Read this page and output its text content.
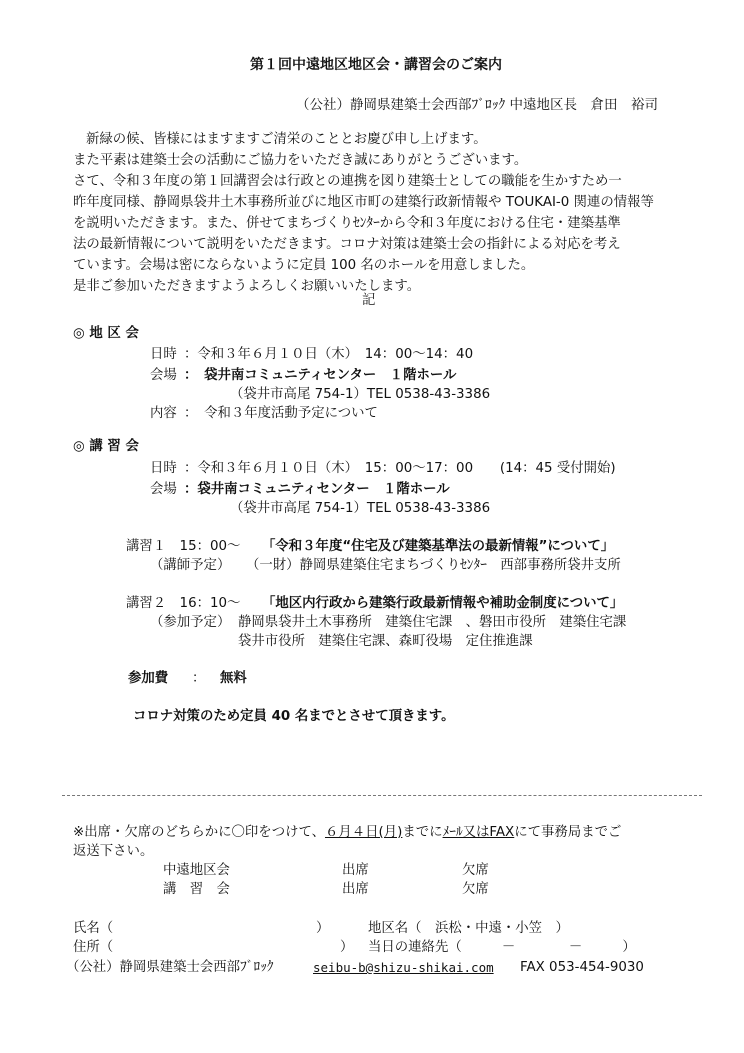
第１回中遠地区地区会・講習会のご案内
（公社）静岡県建築士会西部ﾌﾞﾛｯｸ 中遠地区長　倉田　裕司
新緑の候、皆様にはますますご清栄のこととお慶び申し上げます。
また平素は建築士会の活動にご協力をいただき誠にありがとうございます。
さて、令和３年度の第１回講習会は行政との連携を図り建築士としての職能を生かすため一
昨年度同様、静岡県袋井土木事務所並びに地区市町の建築行政新情報や TOUKAI-0 関連の情報等
を説明いただきます。また、併せてまちづくりｾﾝﾀｰから令和３年度における住宅・建築基準
法の最新情報について説明をいただきます。コロナ対策は建築士会の指針による対応を考え
ています。会場は密にならないように定員 100 名のホールを用意しました。
是非ご参加いただきますようよろしくお願いいたします。
記
◎ 地 区 会
日時 ：令和３年６月１０日（木）　14：00～14：40
会場 ：　袋井南コミュニティセンター　１階ホール
（袋井市高尾 754-1）TEL 0538-43-3386
内容 ：　令和３年度活動予定について
◎ 講 習 会
日時 ：令和３年６月１０日（木）　15：00～17：00　　(14：45 受付開始)
会場 ：袋井南コミュニティセンター　１階ホール
（袋井市高尾 754-1）TEL 0538-43-3386
講習１　15：00～ 「令和３年度“住宅及び建築基準法の最新情報”について」
（講師予定） （一財）静岡県建築住宅まちづくりｾﾝﾀｰ　西部事務所袋井支所
講習２　16：10～ 「地区内行政から建築行政最新情報や補助金制度について」
（参加予定） 静岡県袋井土木事務所　建築住宅課　、磐田市役所　建築住宅課
袋井市役所　建築住宅課、森町役場　定住推進課
参加費 ： 無料
コロナ対策のため定員 40 名までとさせて頂きます。
※出席・欠席のどちらかに〇印をつけて、６月４日(月)までにﾒｰﾙ又はFAXにて事務局までご
返送下さい。
中遠地区会	出席	欠席
講　習　会	出席	欠席
氏名（	）	地区名（　浜松・中遠・小笠　）
住所（	） 当日の連絡先（　　　－　　　　－　　　）
（公社）静岡県建築士会西部ﾌﾞﾛｯｸ	seibu-b@shizu-shikai.com FAX 053-454-9030
